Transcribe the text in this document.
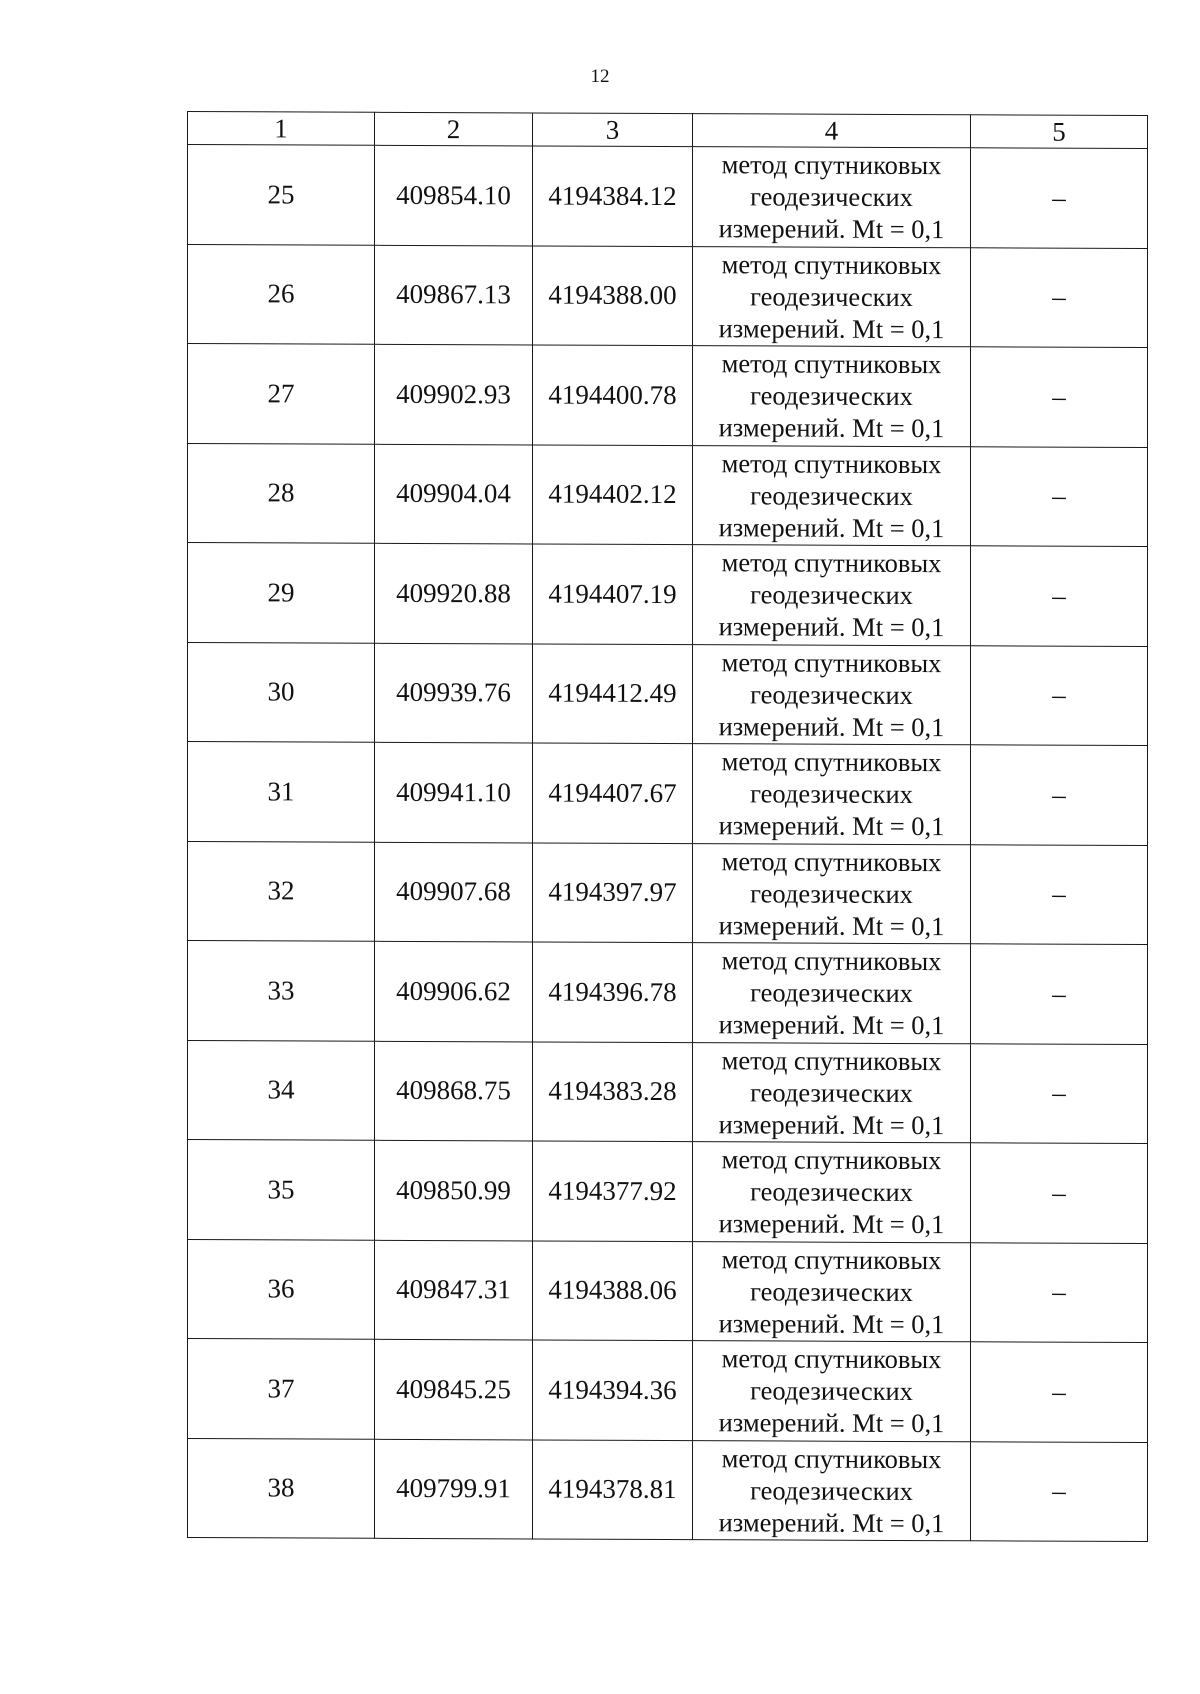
12
1	2	3	4	5
25	409854.10	4194384.12	метод спутниковых
геодезических
измерений. Mt = 0,1	–
26	409867.13	4194388.00	метод спутниковых
геодезических
измерений. Mt = 0,1	–
27	409902.93	4194400.78	метод спутниковых
геодезических
измерений. Mt = 0,1	–
28	409904.04	4194402.12	метод спутниковых
геодезических
измерений. Mt = 0,1	–
29	409920.88	4194407.19	метод спутниковых
геодезических
измерений. Mt = 0,1	–
30	409939.76	4194412.49	метод спутниковых
геодезических
измерений. Mt = 0,1	–
31	409941.10	4194407.67	метод спутниковых
геодезических
измерений. Mt = 0,1	–
32	409907.68	4194397.97	метод спутниковых
геодезических
измерений. Mt = 0,1	–
33	409906.62	4194396.78	метод спутниковых
геодезических
измерений. Mt = 0,1	–
34	409868.75	4194383.28	метод спутниковых
геодезических
измерений. Mt = 0,1	–
35	409850.99	4194377.92	метод спутниковых
геодезических
измерений. Mt = 0,1	–
36	409847.31	4194388.06	метод спутниковых
геодезических
измерений. Mt = 0,1	–
37	409845.25	4194394.36	метод спутниковых
геодезических
измерений. Mt = 0,1	–
38	409799.91	4194378.81	метод спутниковых
геодезических
измерений. Mt = 0,1	–
